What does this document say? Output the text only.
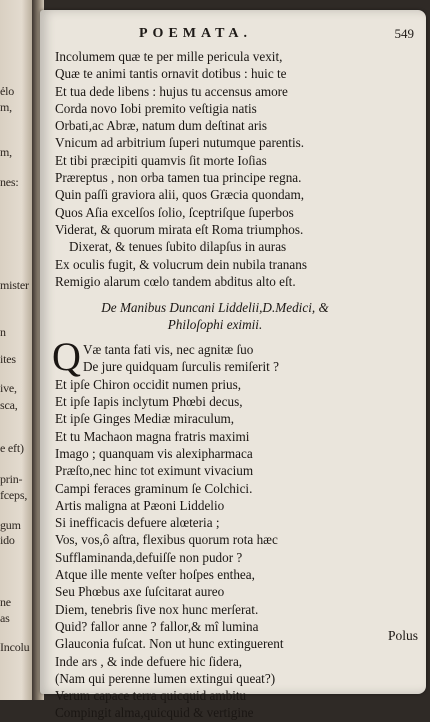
ẻlo
m,
m,
nes:
mister
n
ites
ive,
sca,
e eft)
prin-
fceps,
gum
ido
ne
as
Incolu
POEMATA.	549
Incolumem quæ te per mille pericula vexit,
Quæ te animi tantis ornavit dotibus : huic te
Et tua dede libens : hujus tu accensus amore
Corda novo Iobi premito veſtigia natis
Orbati,ac Abræ, natum dum deſtinat aris
Vnicum ad arbitrium ſuperi nutumque parentis.
Et tibi præcipiti quamvis ſit morte Ioſias
Præreptus , non orba tamen tua principe regna.
Quin paſſi graviora alii, quos Græcia quondam,
Quos Aſia excelſos ſolio, ſceptriſque ſuperbos
Viderat, & quorum mirata eſt Roma triumphos.
Dixerat, & tenues ſubito dilapſus in auras
Ex oculis fugit, & volucrum dein nubila tranans
Remigio alarum cœlo tandem abditus alto eſt.
De Manibus Duncani Liddelii,D.Medici, &
Philoſophi eximii.
Q Væ tanta fati vis, nec agnitæ ſuo
De jure quidquam ſurculis remiſerit ?
Et ipſe Chiron occidit numen prius,
Et ipſe Iapis inclytum Phœbi decus,
Et ipſe Ginges Mediæ miraculum,
Et tu Machaon magna fratris maximi
Imago ; quanquam vis alexipharmaca
Præſto,nec hinc tot eximunt vivacium
Campi feraces graminum ſe Colchici.
Artis maligna at Pæoni Liddelio
Si inefficacis defuere alœteria ;
Vos, vos,ô aſtra, flexibus quorum rota hæc
Sufflaminanda,defuiſſe non pudor ?
Atque ille mente veſter hoſpes enthea,
Seu Phœbus axe ſuſcitarat aureo
Diem, tenebris ſive nox hunc merſerat.
Quid? fallor anne ? fallor,& mî lumina
Glauconia fuſcat. Non ut hunc extinguerent
Inde ars , & inde defuere hic ſidera,
(Nam qui perenne lumen extingui queat?)
Verum capace terra quicquid ambitu
Compingit alma,quicquid & vertigine
Polus
